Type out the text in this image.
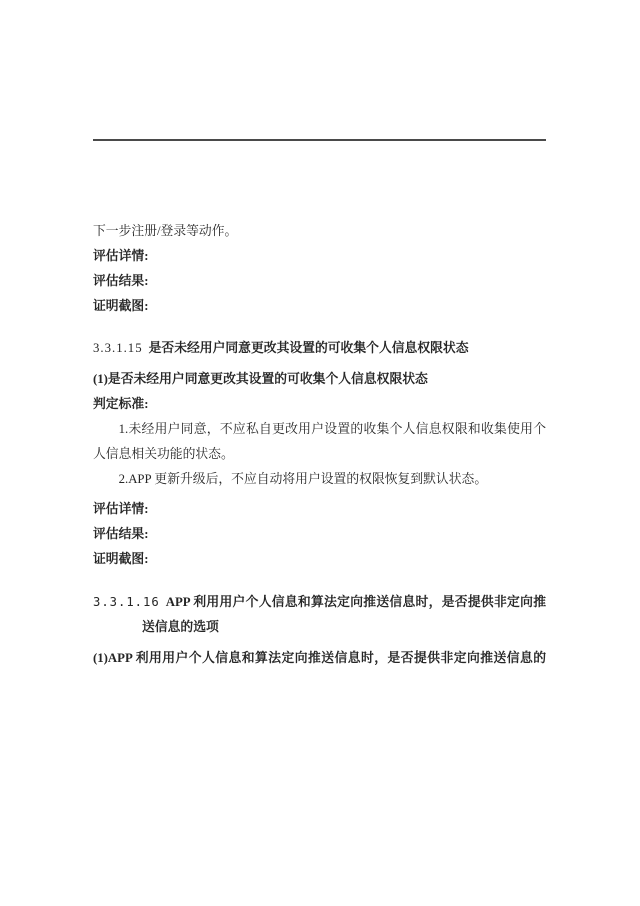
下一步注册/登录等动作。

评估详情:

评估结果:

证明截图:

3.3.1.15 是否未经用户同意更改其设置的可收集个人信息权限状态

(1)是否未经用户同意更改其设置的可收集个人信息权限状态

判定标准:

1.未经用户同意，不应私自更改用户设置的收集个人信息权限和收集使用个人信息相关功能的状态。

2.APP 更新升级后，不应自动将用户设置的权限恢复到默认状态。

评估详情:

评估结果:

证明截图:

3.3.1.16 APP 利用用户个人信息和算法定向推送信息时，是否提供非定向推送信息的选项

(1)APP 利用用户个人信息和算法定向推送信息时，是否提供非定向推送信息的
